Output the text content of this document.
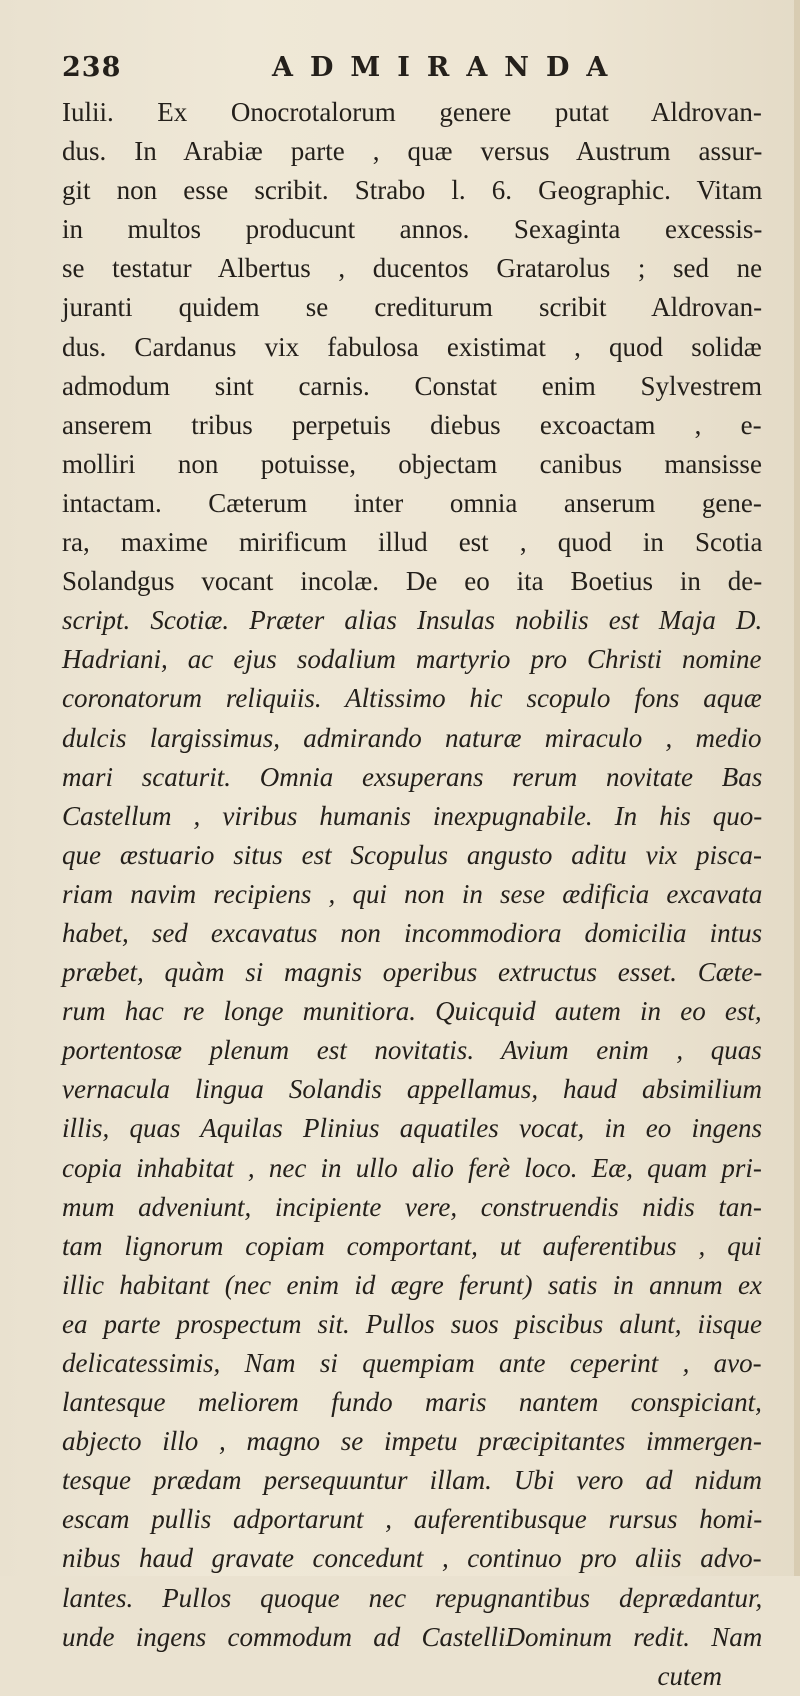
238	ADMIRANDA
Iulii. Ex Onocrotalorum genere putat Aldrovan-
dus. In Arabiæ parte , quæ versus Austrum assur-
git non esse scribit. Strabo l. 6. Geographic. Vitam
in multos producunt annos. Sexaginta excessis-
se testatur Albertus , ducentos Gratarolus ; sed ne
juranti quidem se crediturum scribit Aldrovan-
dus. Cardanus vix fabulosa existimat , quod solidæ
admodum sint carnis. Constat enim Sylvestrem
anserem tribus perpetuis diebus excoactam , e-
molliri non potuisse, objectam canibus mansisse
intactam. Cæterum inter omnia anserum gene-
ra, maxime mirificum illud est , quod in Scotia
Solandgus vocant incolæ. De eo ita Boetius in de-
script. Scotiæ. Præter alias Insulas nobilis est Maja D.
Hadriani, ac ejus sodalium martyrio pro Christi nomine
coronatorum reliquiis. Altissimo hic scopulo fons aquæ
dulcis largissimus, admirando naturæ miraculo , medio
mari scaturit. Omnia exsuperans rerum novitate Bas
Castellum , viribus humanis inexpugnabile. In his quo-
que æstuario situs est Scopulus angusto aditu vix pisca-
riam navim recipiens , qui non in sese ædificia excavata
habet, sed excavatus non incommodiora domicilia intus
præbet, quàm si magnis operibus extructus esset. Cæte-
rum hac re longe munitiora. Quicquid autem in eo est,
portentosæ plenum est novitatis. Avium enim , quas
vernacula lingua Solandis appellamus, haud absimilium
illis, quas Aquilas Plinius aquatiles vocat, in eo ingens
copia inhabitat , nec in ullo alio ferè loco. Eæ, quam pri-
mum adveniunt, incipiente vere, construendis nidis tan-
tam lignorum copiam comportant, ut auferentibus , qui
illic habitant (nec enim id ægre ferunt) satis in annum ex
ea parte prospectum sit. Pullos suos piscibus alunt, iisque
delicatessimis, Nam si quempiam ante ceperint , avo-
lantesque meliorem fundo maris nantem conspiciant,
abjecto illo , magno se impetu præcipitantes immergen-
tesque prædam persequuntur illam. Ubi vero ad nidum
escam pullis adportarunt , auferentibusque rursus homi-
nibus haud gravate concedunt , continuo pro aliis advo-
lantes. Pullos quoque nec repugnantibus deprædantur,
unde ingens commodum ad CastelliDominum redit. Nam
cutem
